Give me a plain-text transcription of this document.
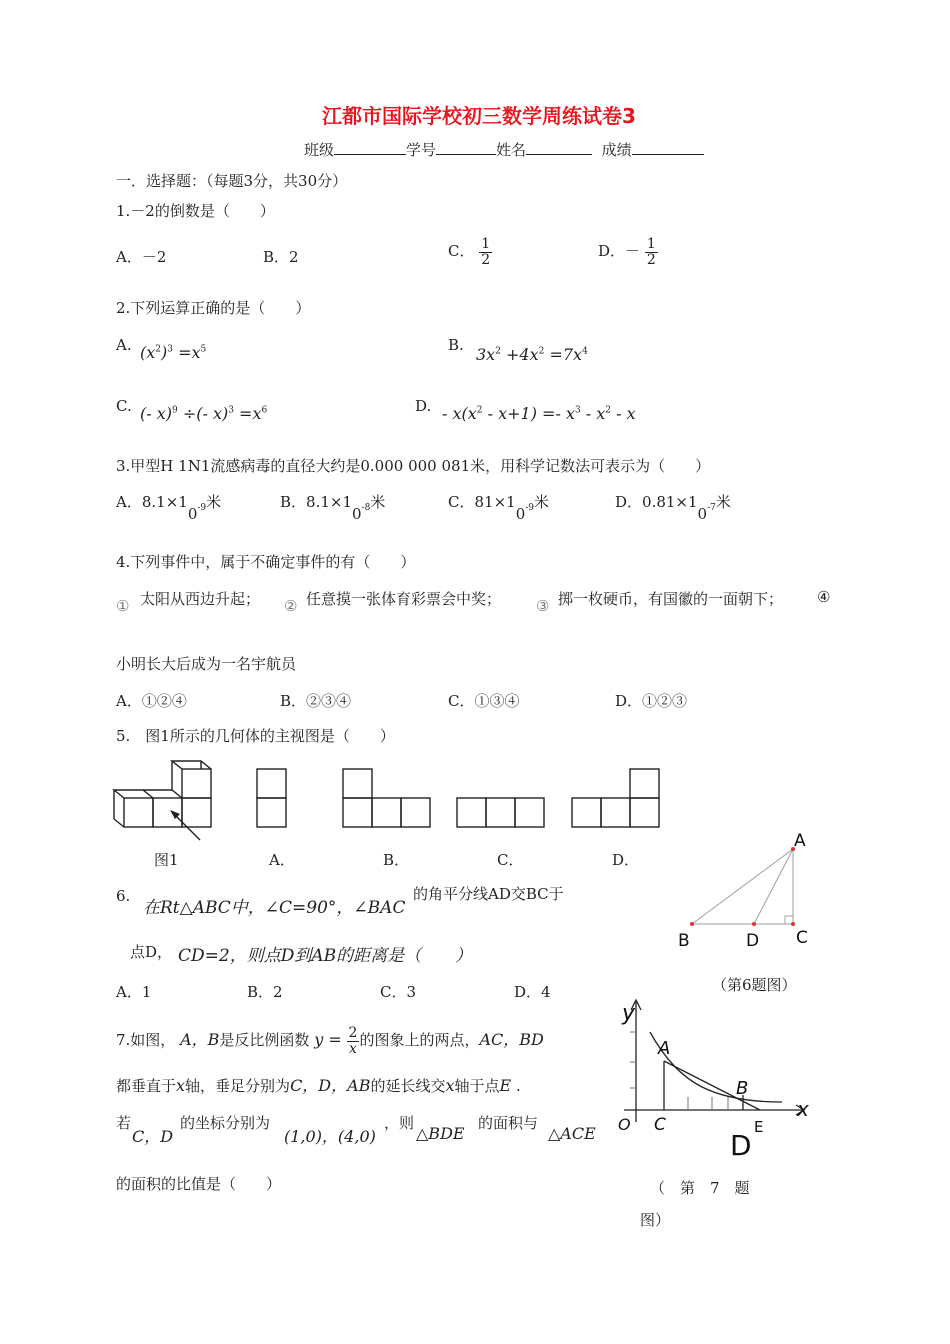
江都市国际学校初三数学周练试卷3
班级	学号	姓名	成绩
一．选择题：（每题3分，共30分）
1.－2的倒数是（　　）
A．－2	B．2	C． $\frac{1}{2}$	D．－ $\frac{1}{2}$
2.下列运算正确的是（　　）
A. $(x^2)^3 =x^5$	B. $3x^2 +4x^2 =7x^4$
C. (- x)$^9$ ÷(- $x)^3 =x^6$	D. - $x(x^2 - x+1) =- x^3 - x^2 - x$
3.甲型H 1N1流感病毒的直径大约是0.000 000 081米，用科学记数法可表示为（　　）
A．$8.1\times 10^{-9}$米	B．$8.1\times 10^{-8}$米	C．$81\times 10^{-9}$米	D．$0.81\times 10^{-7}$米
4.下列事件中，属于不确定事件的有（　　）
① 太阳从西边升起； ② 任意摸一张体育彩票会中奖； ③ 掷一枚硬币，有国徽的一面朝下； ④
小明长大后成为一名宇航员
A．①②④	B．②③④	C．①③④	D．①②③
5.　图1所示的几何体的主视图是（　　）
图1	A．	B．	C．	D．
6.
在Rt△ABC中，∠C=90°，∠BAC
的角平分线AD交BC于
点D， CD=2，则点D到AB的距离是（　　）
A．1	B．2	C．3	D．4
A
B	D C
（第6题图）
7.如图， A，B是反比例函数 $y = \frac{2}{x}$ 的图象上的两点，AC，BD
都垂直于x轴，垂足分别为C，D，AB的延长线交x轴于点E .
若
C，D
的坐标分别为
(1,0)，(4,0)
，则
△BDE
的面积与
△ACE
的面积的比值是（　　）
y
x
O C
A
B
D
E
（　第　7　题
图）
